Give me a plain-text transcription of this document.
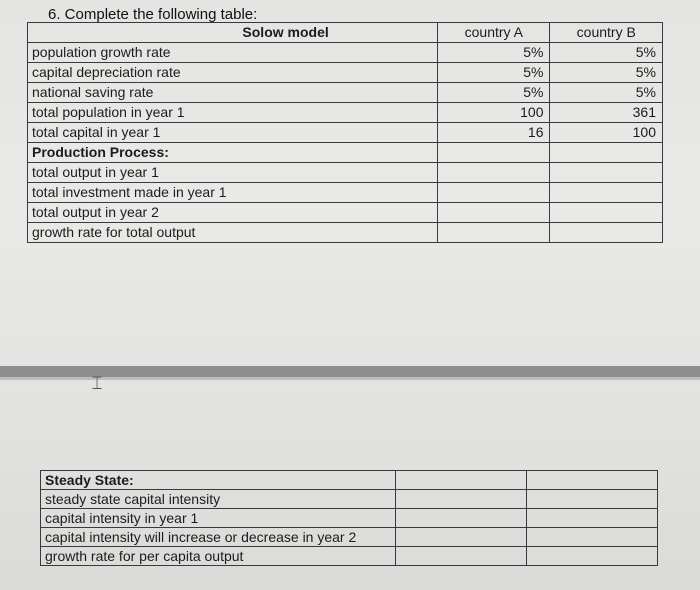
6. Complete the following table:
Solow model	country A	country B
population growth rate	5%	5%
capital depreciation rate	5%	5%
national saving rate	5%	5%
total population in year 1	100	361
total capital in year 1	16	100
Production Process:		
total output in year 1		
total investment made in year 1		
total output in year 2		
growth rate for total output		
⌶
Steady State:		
steady state capital intensity		
capital intensity in year 1		
capital intensity will increase or decrease in year 2		
growth rate for per capita output		
